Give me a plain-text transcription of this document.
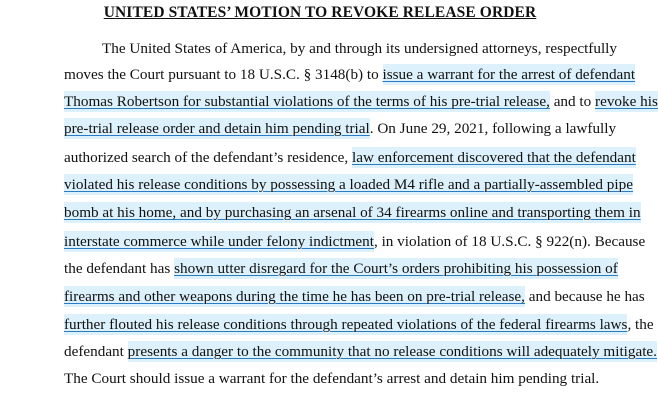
UNITED STATES’ MOTION TO REVOKE RELEASE ORDER
The United States of America, by and through its undersigned attorneys, respectfully
moves the Court pursuant to 18 U.S.C. § 3148(b) to issue a warrant for the arrest of defendant
Thomas Robertson for substantial violations of the terms of his pre-trial release, and to revoke his
pre-trial release order and detain him pending trial. On June 29, 2021, following a lawfully
authorized search of the defendant’s residence, law enforcement discovered that the defendant
violated his release conditions by possessing a loaded M4 rifle and a partially-assembled pipe
bomb at his home, and by purchasing an arsenal of 34 firearms online and transporting them in
interstate commerce while under felony indictment, in violation of 18 U.S.C. § 922(n). Because
the defendant has shown utter disregard for the Court’s orders prohibiting his possession of
firearms and other weapons during the time he has been on pre-trial release, and because he has
further flouted his release conditions through repeated violations of the federal firearms laws, the
defendant presents a danger to the community that no release conditions will adequately mitigate.
The Court should issue a warrant for the defendant’s arrest and detain him pending trial.
